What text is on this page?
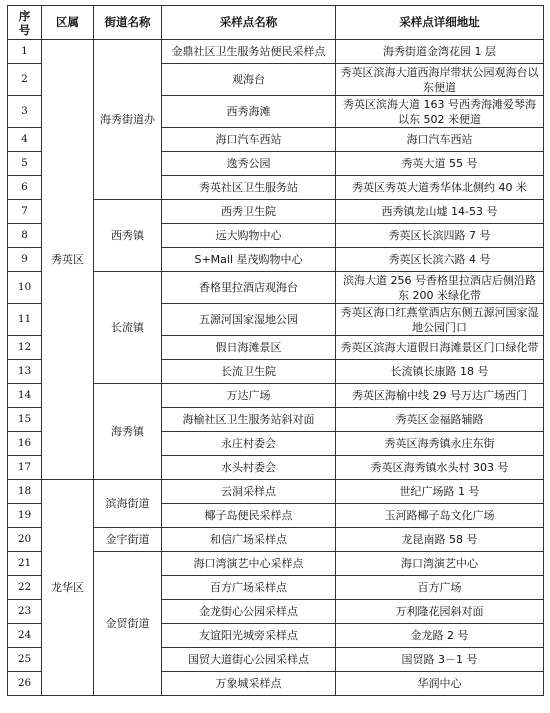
序号	区属	街道名称	采样点名称	采样点详细地址
1	秀英区	海秀街道办	金鼎社区卫生服务站便民采样点	海秀街道金湾花园 1 层
2			观海台	秀英区滨海大道西海岸带状公园观海台以东便道
3			西秀海滩	秀英区滨海大道 163 号西秀海滩爱琴海以东 502 米便道
4			海口汽车西站	海口汽车西站
5			逸秀公园	秀英大道 55 号
6			秀英社区卫生服务站	秀英区秀英大道秀华体北侧约 40 米
7		西秀镇	西秀卫生院	西秀镇龙山墟 14-53 号
8			远大购物中心	秀英区长滨四路 7 号
9			S+Mall 星茂购物中心	秀英区长滨六路 4 号
10		长流镇	香格里拉酒店观海台	滨海大道 256 号香格里拉酒店后侧沿路东 200 米绿化带
11			五源河国家湿地公园	秀英区海口红燕堂酒店东侧五源河国家湿地公园门口
12			假日海滩景区	秀英区滨海大道假日海滩景区门口绿化带
13			长流卫生院	长流镇长康路 18 号
14		海秀镇	万达广场	秀英区海榆中线 29 号万达广场西门
15			海榆社区卫生服务站斜对面	秀英区金福路辅路
16			永庄村委会	秀英区海秀镇永庄东街
17			水头村委会	秀英区海秀镇水头村 303 号
18	龙华区	滨海街道	云洞采样点	世纪广场路 1 号
19			椰子岛便民采样点	玉河路椰子岛文化广场
20		金宇街道	和信广场采样点	龙昆南路 58 号
21		金贸街道	海口湾演艺中心采样点	海口湾演艺中心
22			百方广场采样点	百方广场
23			金龙街心公园采样点	万利隆花园斜对面
24			友谊阳光城旁采样点	金龙路 2 号
25			国贸大道街心公园采样点	国贸路 3－1 号
26			万象城采样点	华润中心
